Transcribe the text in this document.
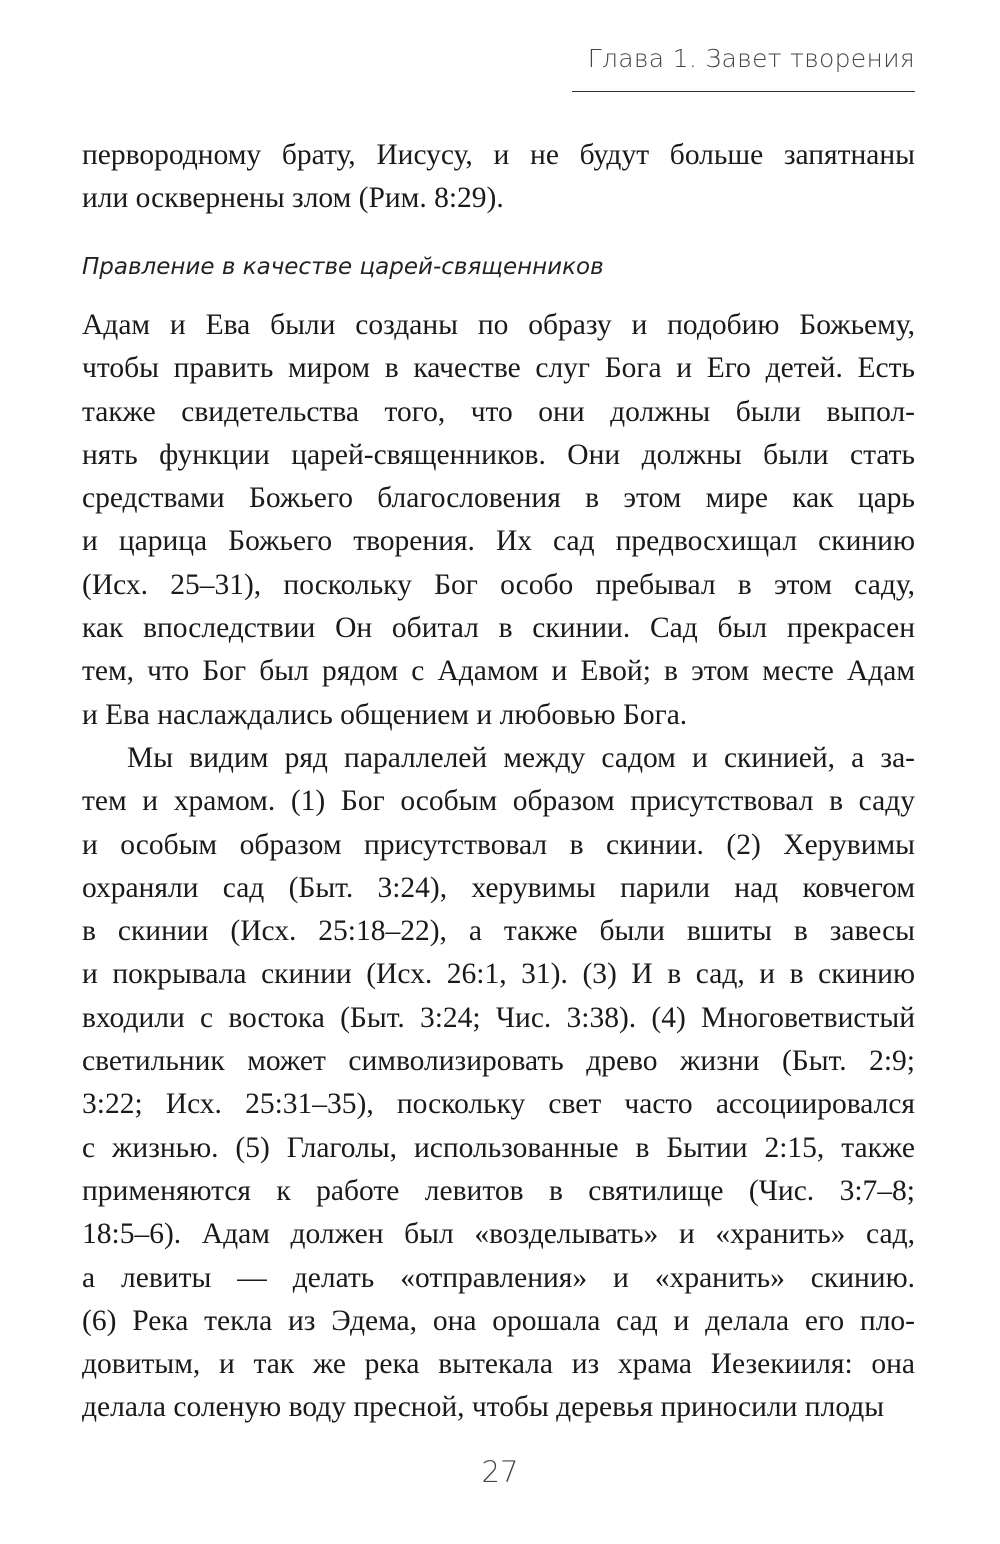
Глава 1. Завет творения
первородному брату, Иисусу, и не будут больше запятнаны
или осквернены злом (Рим. 8:29).
Правление в качестве царей-священников
Адам и Ева были созданы по образу и подобию Божьему,
чтобы править миром в качестве слуг Бога и Его детей. Есть
также свидетельства того, что они должны были выпол-
нять функции царей-священников. Они должны были стать
средствами Божьего благословения в этом мире как царь
и царица Божьего творения. Их сад предвосхищал скинию
(Исх. 25–31), поскольку Бог особо пребывал в этом саду,
как впоследствии Он обитал в скинии. Сад был прекрасен
тем, что Бог был рядом с Адамом и Евой; в этом месте Адам
и Ева наслаждались общением и любовью Бога.
Мы видим ряд параллелей между садом и скинией, а за-
тем и храмом. (1) Бог особым образом присутствовал в саду
и особым образом присутствовал в скинии. (2) Херувимы
охраняли сад (Быт. 3:24), херувимы парили над ковчегом
в скинии (Исх. 25:18–22), а также были вшиты в завесы
и покрывала скинии (Исх. 26:1, 31). (3) И в сад, и в скинию
входили с востока (Быт. 3:24; Чис. 3:38). (4) Многоветвистый
светильник может символизировать древо жизни (Быт. 2:9;
3:22; Исх. 25:31–35), поскольку свет часто ассоциировался
с жизнью. (5) Глаголы, использованные в Бытии 2:15, также
применяются к работе левитов в святилище (Чис. 3:7–8;
18:5–6). Адам должен был «возделывать» и «хранить» сад,
а левиты — делать «отправления» и «хранить» скинию.
(6) Река текла из Эдема, она орошала сад и делала его пло-
довитым, и так же река вытекала из храма Иезекииля: она
делала соленую воду пресной, чтобы деревья приносили плоды
27
